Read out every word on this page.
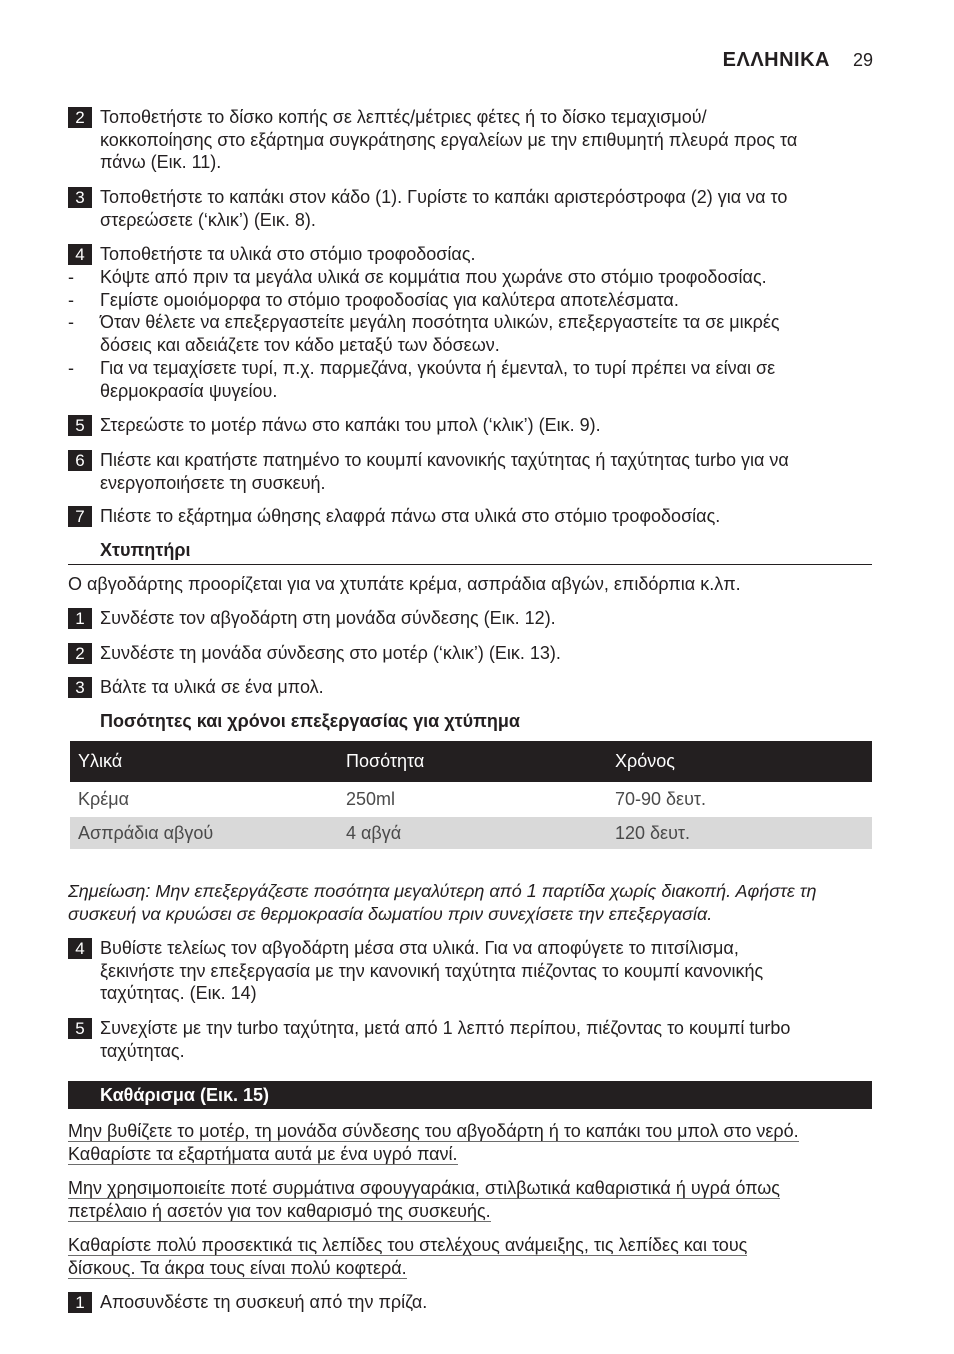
ΕΛΛΗΝΙΚΑ 29
2 Τοποθετήστε το δίσκο κοπής σε λεπτές/μέτριες φέτες ή το δίσκο τεμαχισμού/
κοκκοποίησης στο εξάρτημα συγκράτησης εργαλείων με την επιθυμητή πλευρά προς τα
πάνω (Εικ. 11).
3 Τοποθετήστε το καπάκι στον κάδο (1). Γυρίστε το καπάκι αριστερόστροφα (2) για να το
στερεώσετε (‘κλικ’) (Εικ. 8).
4 Τοποθετήστε τα υλικά στο στόμιο τροφοδοσίας.
- Κόψτε από πριν τα μεγάλα υλικά σε κομμάτια που χωράνε στο στόμιο τροφοδοσίας.
- Γεμίστε ομοιόμορφα το στόμιο τροφοδοσίας για καλύτερα αποτελέσματα.
- Όταν θέλετε να επεξεργαστείτε μεγάλη ποσότητα υλικών, επεξεργαστείτε τα σε μικρές
δόσεις και αδειάζετε τον κάδο μεταξύ των δόσεων.
- Για να τεμαχίσετε τυρί, π.χ. παρμεζάνα, γκούντα ή έμενταλ, το τυρί πρέπει να είναι σε
θερμοκρασία ψυγείου.
5 Στερεώστε το μοτέρ πάνω στο καπάκι του μπολ (‘κλικ’) (Εικ. 9).
6 Πιέστε και κρατήστε πατημένο το κουμπί κανονικής ταχύτητας ή ταχύτητας turbo για να
ενεργοποιήσετε τη συσκευή.
7 Πιέστε το εξάρτημα ώθησης ελαφρά πάνω στα υλικά στο στόμιο τροφοδοσίας.
Χτυπητήρι
Ο αβγοδάρτης προορίζεται για να χτυπάτε κρέμα, ασπράδια αβγών, επιδόρπια κ.λπ.
1 Συνδέστε τον αβγοδάρτη στη μονάδα σύνδεσης (Εικ. 12).
2 Συνδέστε τη μονάδα σύνδεσης στο μοτέρ (‘κλικ’) (Εικ. 13).
3 Βάλτε τα υλικά σε ένα μπολ.
Ποσότητες και χρόνοι επεξεργασίας για χτύπημα
Υλικά	Ποσότητα	Χρόνος
Κρέμα	250ml	70-90 δευτ.
Ασπράδια αβγού	4 αβγά	120 δευτ.
Σημείωση: Μην επεξεργάζεστε ποσότητα μεγαλύτερη από 1 παρτίδα χωρίς διακοπή. Αφήστε τη
συσκευή να κρυώσει σε θερμοκρασία δωματίου πριν συνεχίσετε την επεξεργασία.
4 Βυθίστε τελείως τον αβγοδάρτη μέσα στα υλικά. Για να αποφύγετε το πιτσίλισμα,
ξεκινήστε την επεξεργασία με την κανονική ταχύτητα πιέζοντας το κουμπί κανονικής
ταχύτητας. (Εικ. 14)
5 Συνεχίστε με την turbo ταχύτητα, μετά από 1 λεπτό περίπου, πιέζοντας το κουμπί turbo
ταχύτητας.
Καθάρισμα (Εικ. 15)
Μην βυθίζετε το μοτέρ, τη μονάδα σύνδεσης του αβγοδάρτη ή το καπάκι του μπολ στο νερό.
Καθαρίστε τα εξαρτήματα αυτά με ένα υγρό πανί.
Μην χρησιμοποιείτε ποτέ συρμάτινα σφουγγαράκια, στιλβωτικά καθαριστικά ή υγρά όπως
πετρέλαιο ή ασετόν για τον καθαρισμό της συσκευής.
Καθαρίστε πολύ προσεκτικά τις λεπίδες του στελέχους ανάμειξης, τις λεπίδες και τους
δίσκους. Τα άκρα τους είναι πολύ κοφτερά.
1 Αποσυνδέστε τη συσκευή από την πρίζα.
